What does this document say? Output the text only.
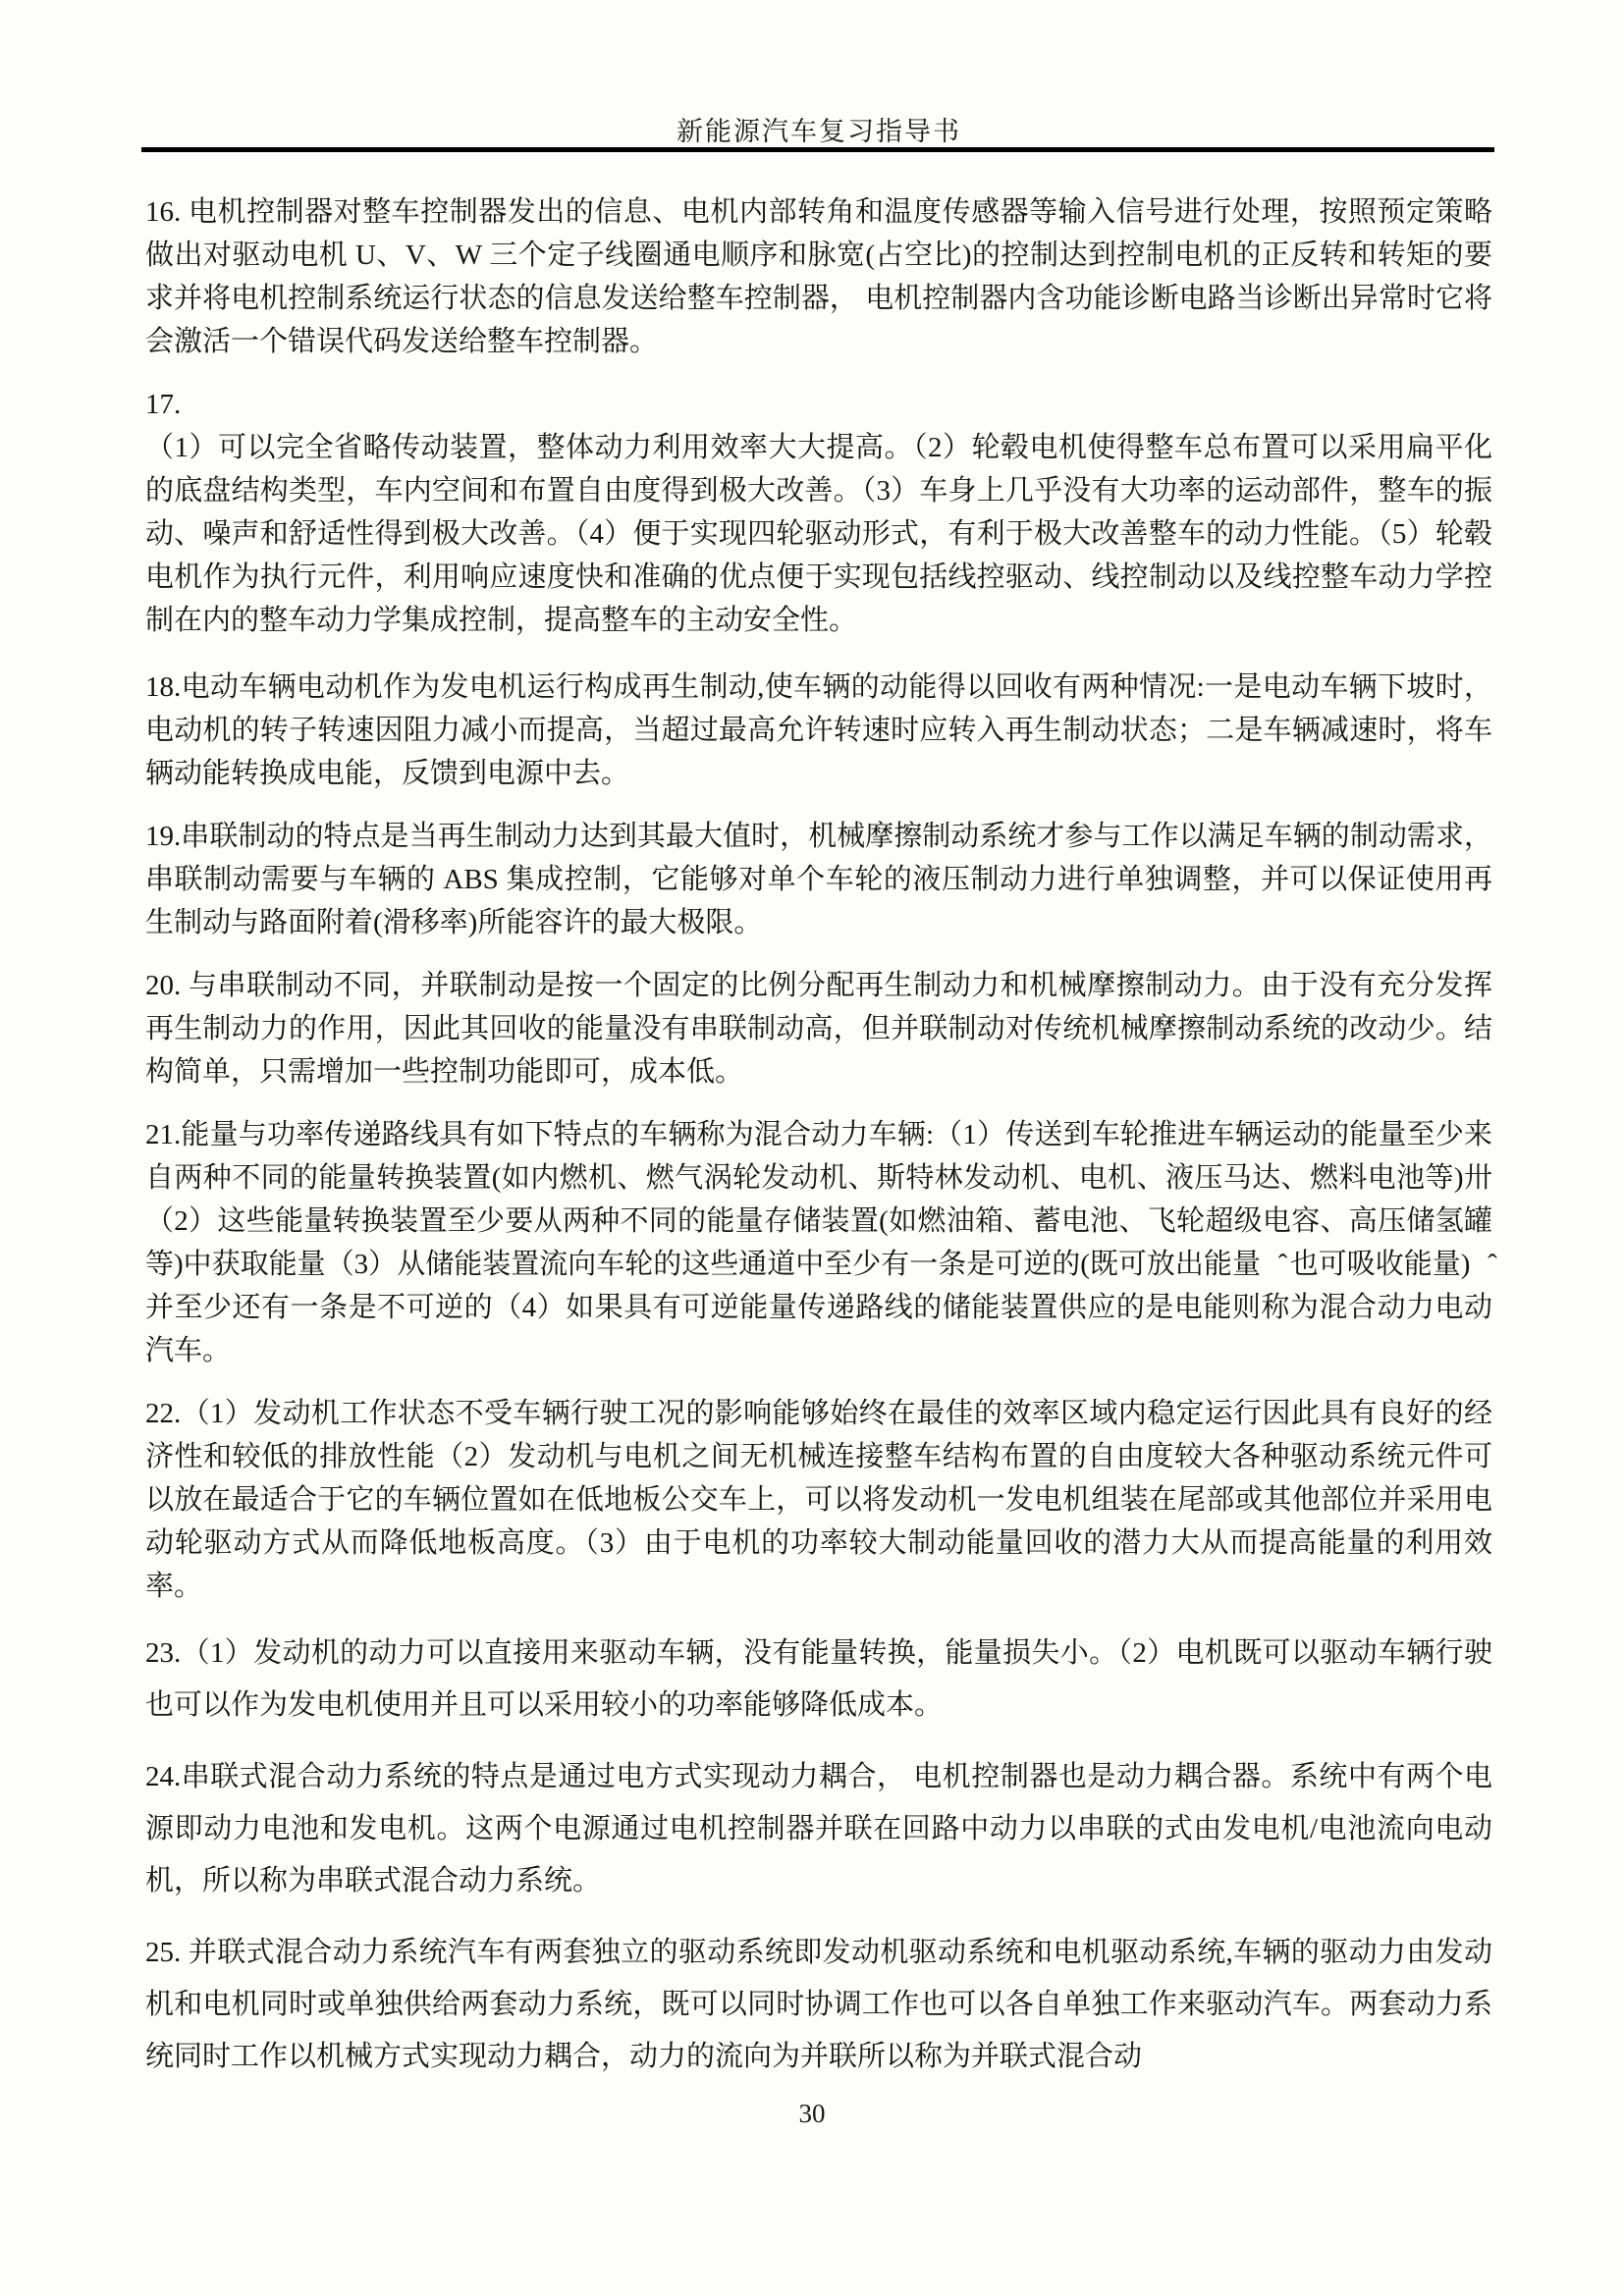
新能源汽车复习指导书

16. 电机控制器对整车控制器发出的信息、电机内部转角和温度传感器等输入信号进行处理，按照预定策略做出对驱动电机 U、V、W 三个定子线圈通电顺序和脉宽(占空比)的控制达到控制电机的正反转和转矩的要求并将电机控制系统运行状态的信息发送给整车控制器， 电机控制器内含功能诊断电路当诊断出异常时它将会激活一个错误代码发送给整车控制器。

17.

（1）可以完全省略传动装置，整体动力利用效率大大提高。（2）轮毂电机使得整车总布置可以采用扁平化的底盘结构类型，车内空间和布置自由度得到极大改善。（3）车身上几乎没有大功率的运动部件，整车的振动、噪声和舒适性得到极大改善。（4）便于实现四轮驱动形式，有利于极大改善整车的动力性能。（5）轮毂电机作为执行元件，利用响应速度快和准确的优点便于实现包括线控驱动、线控制动以及线控整车动力学控制在内的整车动力学集成控制，提高整车的主动安全性。

18.电动车辆电动机作为发电机运行构成再生制动,使车辆的动能得以回收有两种情况:一是电动车辆下坡时，电动机的转子转速因阻力减小而提高，当超过最高允许转速时应转入再生制动状态；二是车辆减速时，将车辆动能转换成电能，反馈到电源中去。

19.串联制动的特点是当再生制动力达到其最大值时，机械摩擦制动系统才参与工作以满足车辆的制动需求，串联制动需要与车辆的 ABS 集成控制，它能够对单个车轮的液压制动力进行单独调整，并可以保证使用再生制动与路面附着(滑移率)所能容许的最大极限。

20. 与串联制动不同，并联制动是按一个固定的比例分配再生制动力和机械摩擦制动力。由于没有充分发挥再生制动力的作用，因此其回收的能量没有串联制动高，但并联制动对传统机械摩擦制动系统的改动少。结构简单，只需增加一些控制功能即可，成本低。

21.能量与功率传递路线具有如下特点的车辆称为混合动力车辆:（1）传送到车轮推进车辆运动的能量至少来自两种不同的能量转换装置(如内燃机、燃气涡轮发动机、斯特林发动机、电机、液压马达、燃料电池等)卅 （2）这些能量转换装置至少要从两种不同的能量存储装置(如燃油箱、蓄电池、飞轮超级电容、高压储氢罐等)中获取能量（3）从储能装置流向车轮的这些通道中至少有一条是可逆的(既可放出能量卅̂ 也可吸收能量)卅̂ 并至少还有一条是不可逆的（4）如果具有可逆能量传递路线的储能装置供应的是电能则称为混合动力电动汽车。

22.（1）发动机工作状态不受车辆行驶工况的影响能够始终在最佳的效率区域内稳定运行因此具有良好的经济性和较低的排放性能（2）发动机与电机之间无机械连接整车结构布置的自由度较大各种驱动系统元件可以放在最适合于它的车辆位置如在低地板公交车上，可以将发动机一发电机组装在尾部或其他部位并采用电动轮驱动方式从而降低地板高度。（3）由于电机的功率较大制动能量回收的潜力大从而提高能量的利用效率。

23.（1）发动机的动力可以直接用来驱动车辆，没有能量转换，能量损失小。（2）电机既可以驱动车辆行驶也可以作为发电机使用并且可以采用较小的功率能够降低成本。

24.串联式混合动力系统的特点是通过电方式实现动力耦合， 电机控制器也是动力耦合器。系统中有两个电源即动力电池和发电机。这两个电源通过电机控制器并联在回路中动力以串联的式由发电机/电池流向电动机，所以称为串联式混合动力系统。

25. 并联式混合动力系统汽车有两套独立的驱动系统即发动机驱动系统和电机驱动系统,车辆的驱动力由发动机和电机同时或单独供给两套动力系统，既可以同时协调工作也可以各自单独工作来驱动汽车。两套动力系统同时工作以机械方式实现动力耦合，动力的流向为并联所以称为并联式混合动

30
